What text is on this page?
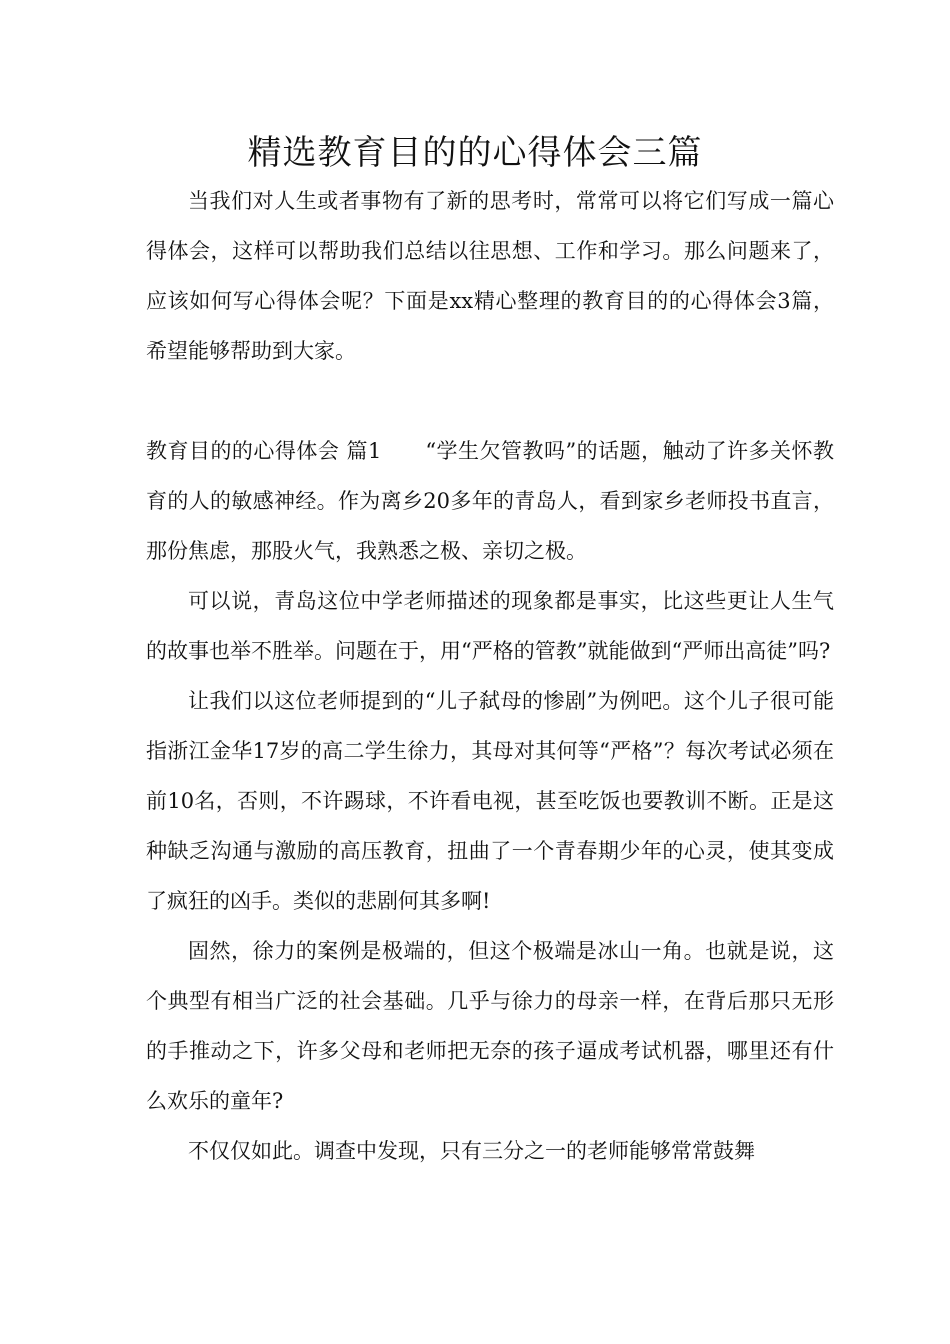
精选教育目的的心得体会三篇

当我们对人生或者事物有了新的思考时，常常可以将它们写成一篇心得体会，这样可以帮助我们总结以往思想、工作和学习。那么问题来了，应该如何写心得体会呢？下面是xx精心整理的教育目的的心得体会3篇，希望能够帮助到大家。

教育目的的心得体会 篇1 “学生欠管教吗”的话题，触动了许多关怀教育的人的敏感神经。作为离乡20多年的青岛人，看到家乡老师投书直言，那份焦虑，那股火气，我熟悉之极、亲切之极。

可以说，青岛这位中学老师描述的现象都是事实，比这些更让人生气的故事也举不胜举。问题在于，用“严格的管教”就能做到“严师出高徒”吗?

让我们以这位老师提到的“儿子弑母的惨剧”为例吧。这个儿子很可能指浙江金华17岁的高二学生徐力，其母对其何等“严格”？每次考试必须在前10名，否则，不许踢球，不许看电视，甚至吃饭也要教训不断。正是这种缺乏沟通与激励的高压教育，扭曲了一个青春期少年的心灵，使其变成了疯狂的凶手。类似的悲剧何其多啊!

固然，徐力的案例是极端的，但这个极端是冰山一角。也就是说，这个典型有相当广泛的社会基础。几乎与徐力的母亲一样，在背后那只无形的手推动之下，许多父母和老师把无奈的孩子逼成考试机器，哪里还有什么欢乐的童年?

不仅仅如此。调查中发现，只有三分之一的老师能够常常鼓舞
